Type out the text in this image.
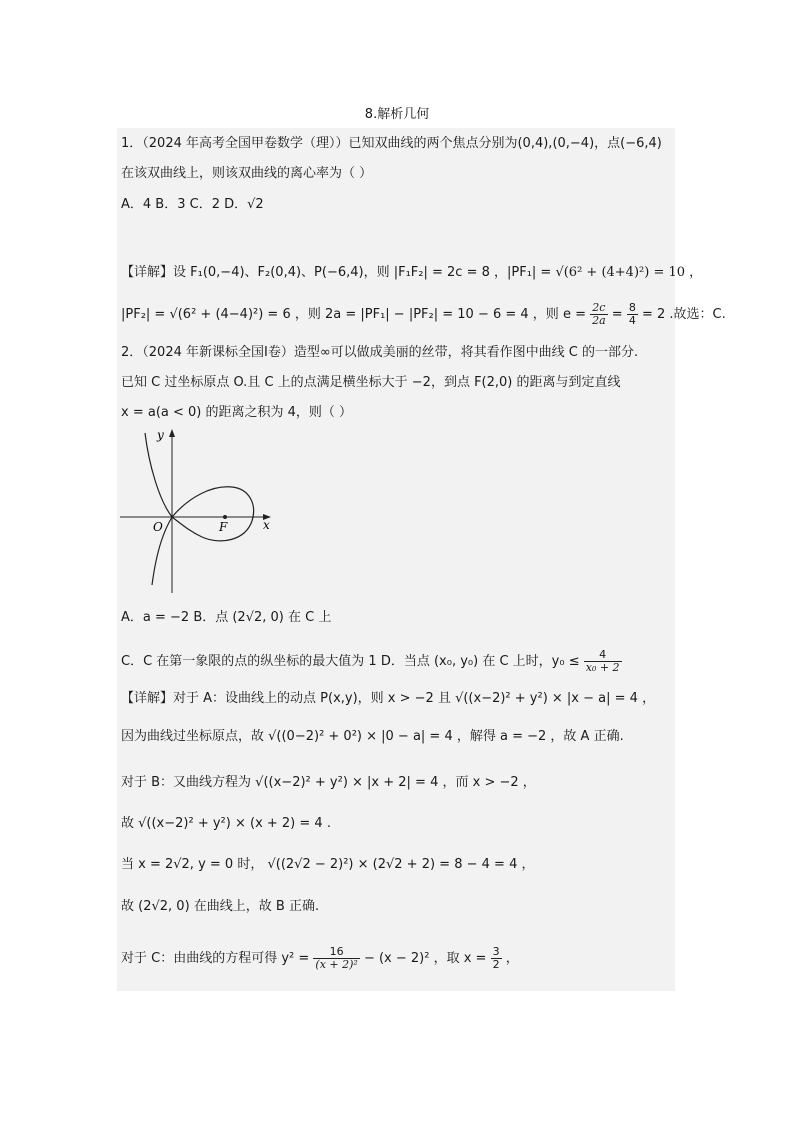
8.解析几何
1．（2024 年高考全国甲卷数学（理））已知双曲线的两个焦点分别为(0,4),(0,−4)，点(−6,4)
在该双曲线上，则该双曲线的离心率为（ ）
A．4 B．3 C．2 D．√2
【详解】设 F₁(0,−4)、F₂(0,4)、P(−6,4)，则 |F₁F₂| = 2c = 8 ，|PF₁| = √(6² + (4+4)²) = 10 ，
|PF₂| = √(6² + (4−4)²) = 6 ，则 2a = |PF₁| − |PF₂| = 10 − 6 = 4 ，则 $e = \frac{2c}{2a} = \frac{8}{4} = 2$ .故选：C.
2．（2024 年新课标全国Ⅰ卷）造型∞可以做成美丽的丝带，将其看作图中曲线 C 的一部分.
已知 C 过坐标原点 O.且 C 上的点满足横坐标大于 −2，到点 F(2,0) 的距离与到定直线
x = a(a < 0) 的距离之积为 4，则（ ）
y
x
O	F
A．a = −2 B．点 (2√2, 0) 在 C 上
C．C 在第一象限的点的纵坐标的最大值为 1 D．当点 (x₀, y₀) 在 C 上时，$y_0 \le \frac{4}{\text{x₀ + 2}}$
【详解】对于 A：设曲线上的动点 P(x,y)，则 x > −2 且 √((x−2)² + y²) × |x − a| = 4 ，
因为曲线过坐标原点，故 √((0−2)² + 0²) × |0 − a| = 4 ，解得 a = −2 ，故 A 正确.
对于 B：又曲线方程为 √((x−2)² + y²) × |x + 2| = 4 ，而 x > −2 ，
故 √((x−2)² + y²) × (x + 2) = 4 .
当 x = 2√2, y = 0 时， √((2√2 − 2)²) × (2√2 + 2) = 8 − 4 = 4 ，
故 (2√2, 0) 在曲线上，故 B 正确.
对于 C：由曲线的方程可得 $y^2 = \frac{16}{\text{(x + 2)²}} - (x - 2)^2$ ，取 $x = \frac{3}{2}$ ，
